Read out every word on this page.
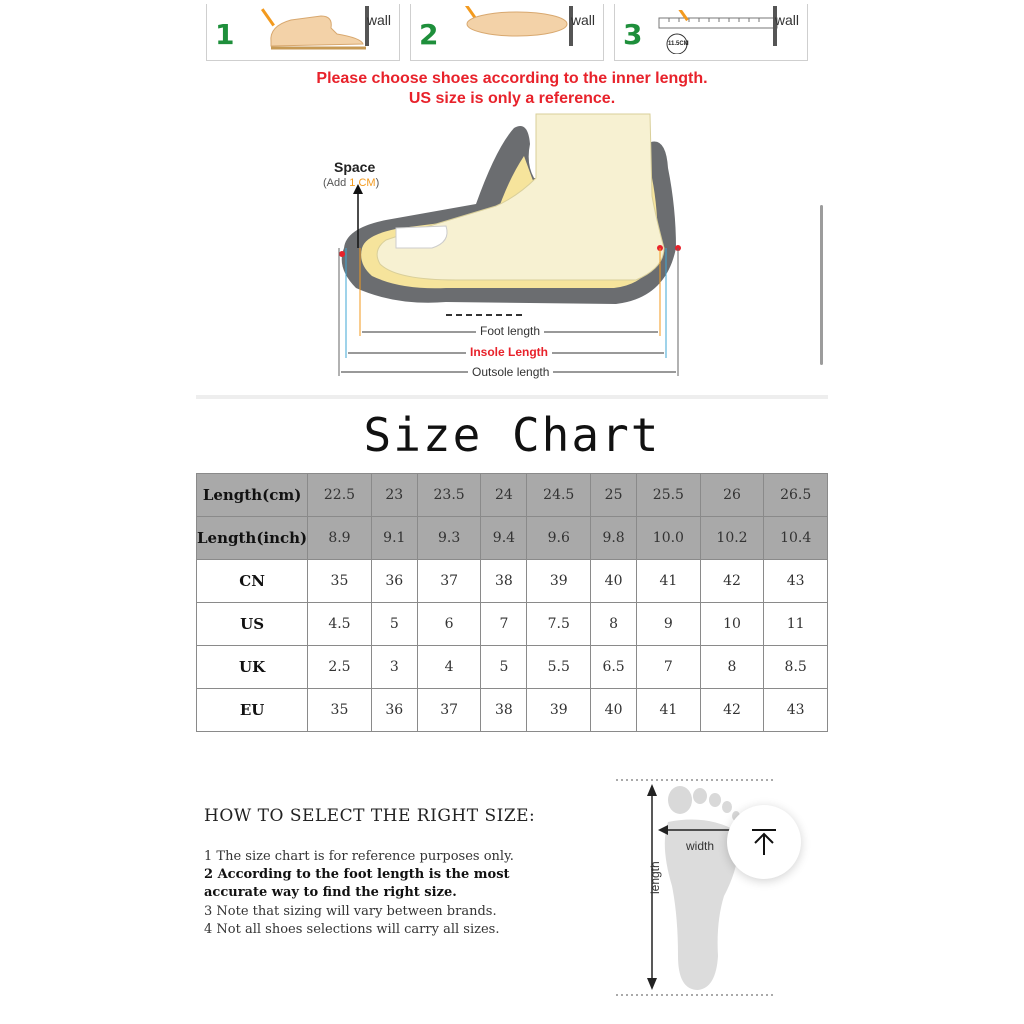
1	wall 2	wall 3	11.5CM
wall
Please choose shoes according to the inner length.
US size is only a reference.
Space
(Add 1 CM)
Foot length
Insole Length
Outsole length
Size Chart
Length(cm)	22.5	23	23.5	24	24.5	25	25.5	26	26.5
Length(inch)	8.9	9.1	9.3	9.4	9.6	9.8	10.0	10.2	10.4
CN	35	36	37	38	39	40	41	42	43
US	4.5	5	6	7	7.5	8	9	10	11
UK	2.5	3	4	5	5.5	6.5	7	8	8.5
EU	35	36	37	38	39	40	41	42	43
HOW TO SELECT THE RIGHT SIZE:
1 The size chart is for reference purposes only.
2 According to the foot length is the most
accurate way to find the right size.
3 Note that sizing will vary between brands.
4 Not all shoes selections will carry all sizes.
width
length
